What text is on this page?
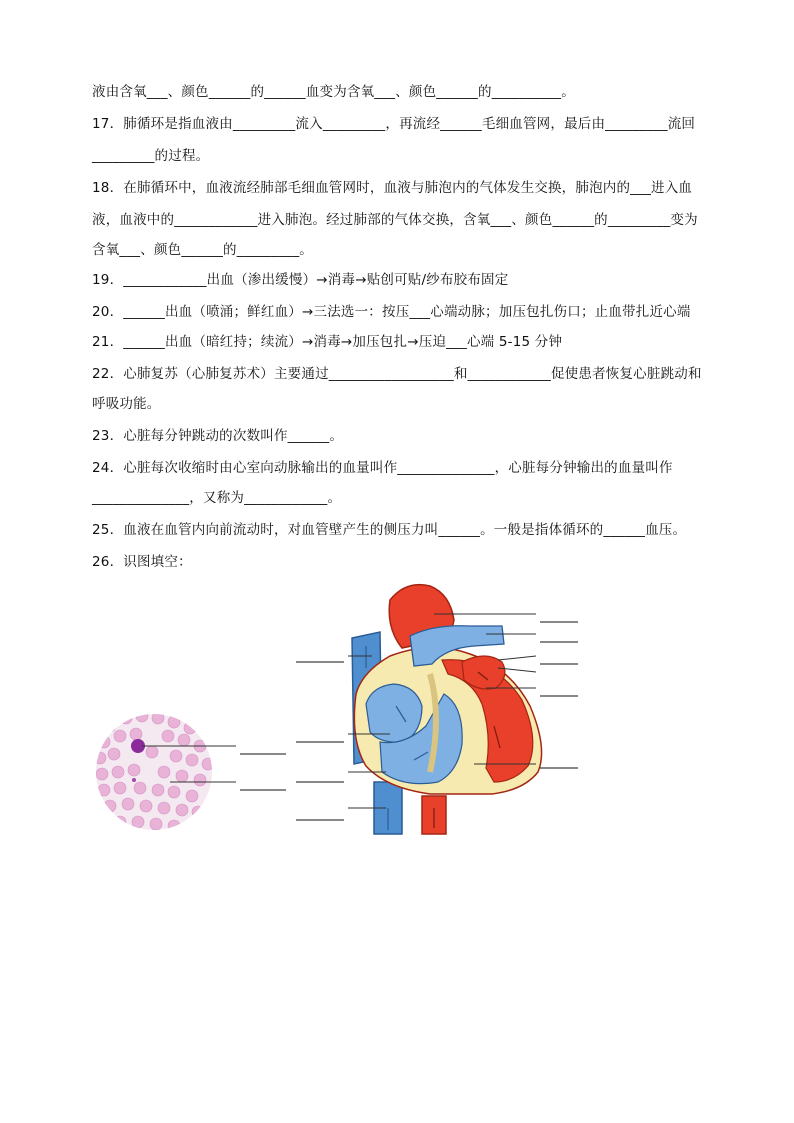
液由含氧___、颜色______的______血变为含氧___、颜色______的__________。
17．肺循环是指血液由_________流入_________，再流经______毛细血管网，最后由_________流回
_________的过程。
18．在肺循环中，血液流经肺部毛细血管网时，血液与肺泡内的气体发生交换，肺泡内的___进入血
液，血液中的____________进入肺泡。经过肺部的气体交换，含氧___、颜色______的_________变为
含氧___、颜色______的_________。
19．____________出血（渗出缓慢）→消毒→贴创可贴/纱布胶布固定
20．______出血（喷涌；鲜红血）→三法选一：按压___心端动脉；加压包扎伤口；止血带扎近心端
21．______出血（暗红持；续流）→消毒→加压包扎→压迫___心端 5-15 分钟
22．心肺复苏（心肺复苏术）主要通过__________________和____________促使患者恢复心脏跳动和
呼吸功能。
23．心脏每分钟跳动的次数叫作______。
24．心脏每次收缩时由心室向动脉输出的血量叫作______________，心脏每分钟输出的血量叫作
______________，又称为____________。
25．血液在血管内向前流动时，对血管壁产生的侧压力叫______。一般是指体循环的______血压。
26．识图填空：
